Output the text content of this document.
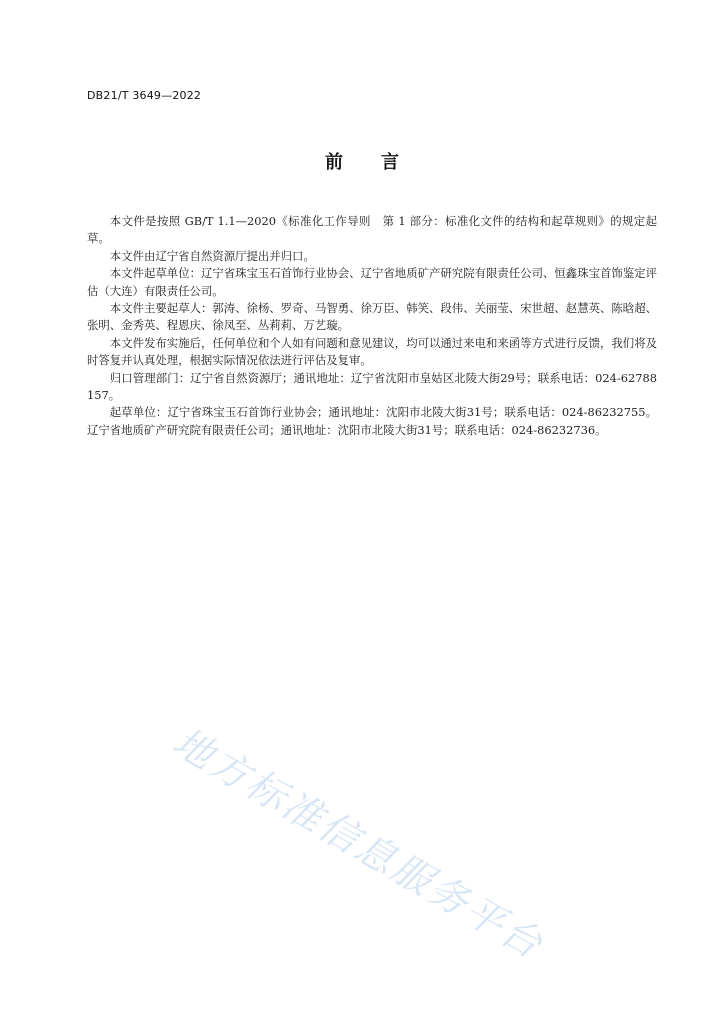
DB21/T 3649—2022
前言

本文件是按照 GB/T 1.1—2020《标准化工作导则　第 1 部分：标准化文件的结构和起草规则》的规定起草。

本文件由辽宁省自然资源厅提出并归口。

本文件起草单位：辽宁省珠宝玉石首饰行业协会、辽宁省地质矿产研究院有限责任公司、恒鑫珠宝首饰鉴定评估（大连）有限责任公司。

本文件主要起草人：郭涛、徐杨、罗奇、马智勇、徐万臣、韩笑、段伟、关丽莹、宋世超、赵慧英、陈晗超、张明、金秀英、程恩庆、徐凤至、丛莉莉、万艺璇。

本文件发布实施后，任何单位和个人如有问题和意见建议，均可以通过来电和来函等方式进行反馈，我们将及时答复并认真处理，根据实际情况依法进行评估及复审。

归口管理部门：辽宁省自然资源厅；通讯地址：辽宁省沈阳市皇姑区北陵大街29号；联系电话：024-62788157。

起草单位：辽宁省珠宝玉石首饰行业协会；通讯地址：沈阳市北陵大街31号；联系电话：024-86232755。辽宁省地质矿产研究院有限责任公司；通讯地址：沈阳市北陵大街31号；联系电话：024-86232736。

地方标准信息服务平台
